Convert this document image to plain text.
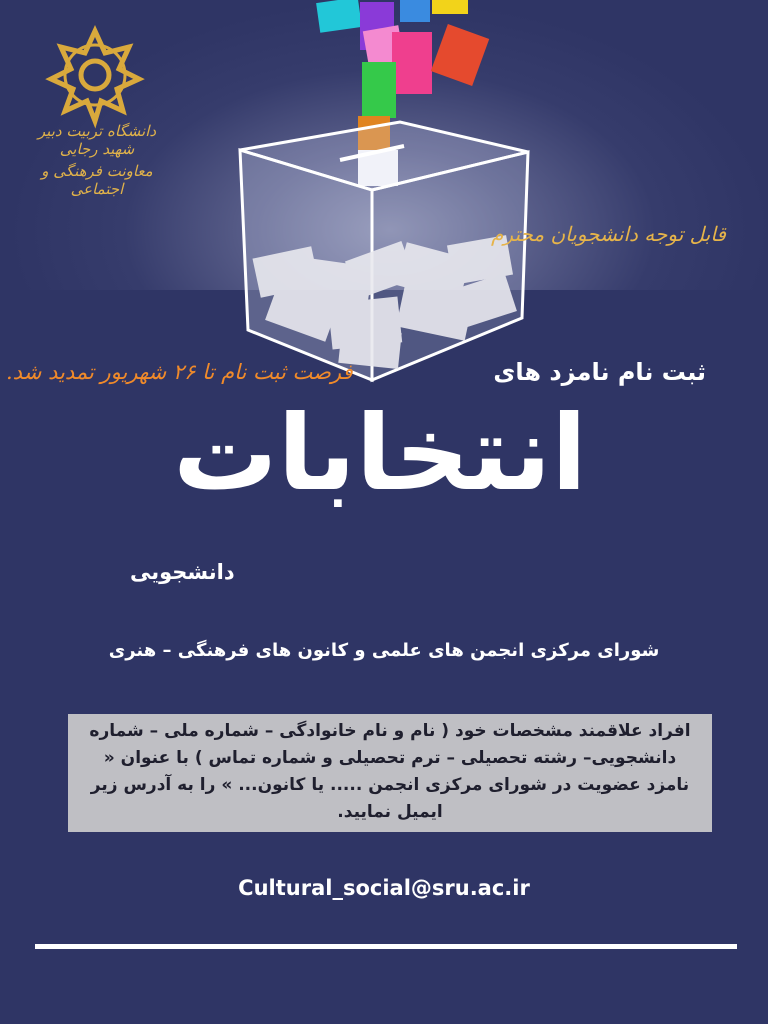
دانشگاه تربیت دبیر شهید رجایی
معاونت فرهنگی و اجتماعی
قابل توجه دانشجویان محترم
فرصت ثبت نام تا ۲۶ شهریور تمدید شد.	ثبت نام نامزد های
انتخابات
دانشجویی
شورای مرکزی انجمن های علمی و کانون های فرهنگی – هنری
افراد علاقمند مشخصات خود ( نام و نام خانوادگی – شماره ملی – شماره دانشجویی– رشته تحصیلی – ترم تحصیلی و شماره تماس ) با عنوان « نامزد عضویت در شورای مرکزی انجمن ..... یا کانون... » را به آدرس زیر ایمیل نمایید.
Cultural_social@sru.ac.ir
